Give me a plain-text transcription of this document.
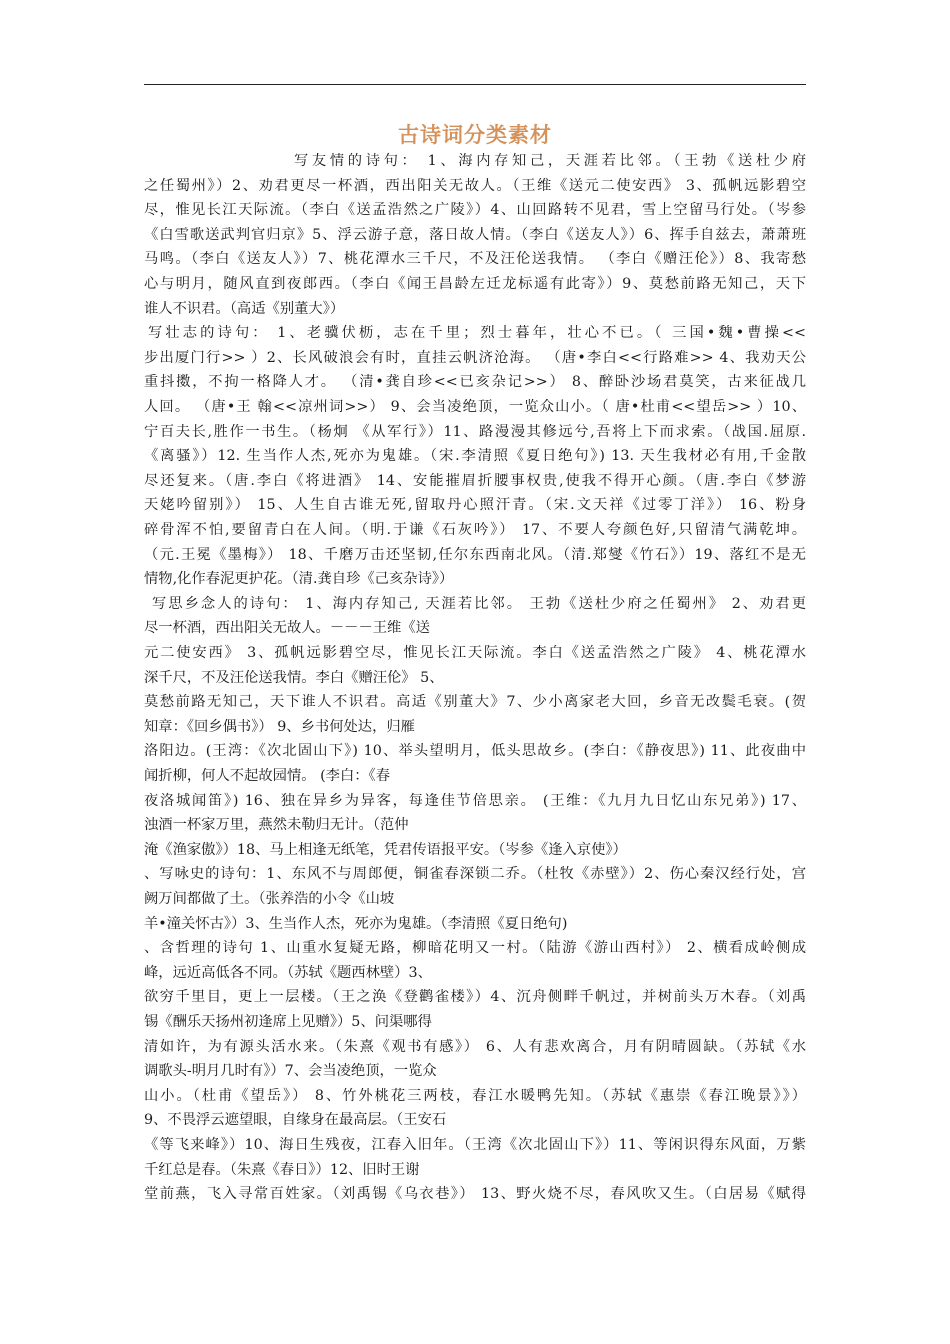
古诗词分类素材
写友情的诗句： 1、海内存知己，天涯若比邻。（王勃《送杜少府
之任蜀州》）2、劝君更尽一杯酒，西出阳关无故人。（王维《送元二使安西》 3、孤帆远影碧空
尽，惟见长江天际流。（李白《送孟浩然之广陵》）4、山回路转不见君，雪上空留马行处。（岑参
《白雪歌送武判官归京》5、浮云游子意，落日故人情。（李白《送友人》）6、挥手自兹去，萧萧班
马鸣。（李白《送友人》）7、桃花潭水三千尺，不及汪伦送我情。 （李白《赠汪伦》）8、我寄愁
心与明月，随风直到夜郎西。（李白《闻王昌龄左迁龙标遥有此寄》）9、莫愁前路无知己，天下
谁人不识君。（高适《别董大》）
写壮志的诗句： 1、老骥伏枥，志在千里；烈士暮年，壮心不已。（ 三国•魏•曹操<<
步出厦门行>> ）2、长风破浪会有时，直挂云帆济沧海。 （唐•李白<<行路难>> 4、我劝天公
重抖擞，不拘一格降人才。 （清•龚自珍<<已亥杂记>>） 8、醉卧沙场君莫笑，古来征战几
人回。 （唐•王 翰<<凉州词>>） 9、会当凌绝顶，一览众山小。（ 唐•杜甫<<望岳>> ）10、
宁百夫长,胜作一书生。（杨炯 《从军行》）11、路漫漫其修远兮,吾将上下而求索。（战国.屈原.
《离骚》）12. 生当作人杰,死亦为鬼雄。（宋.李清照《夏日绝句》) 13. 天生我材必有用,千金散
尽还复来。（唐.李白《将进酒》 14、安能摧眉折腰事权贵,使我不得开心颜。（唐.李白《梦游
天姥吟留别》） 15、人生自古谁无死,留取丹心照汗青。（宋.文天祥《过零丁洋》） 16、粉身
碎骨浑不怕,要留青白在人间。（明.于谦《石灰吟》） 17、不要人夸颜色好,只留清气满乾坤。
（元.王冕《墨梅》） 18、千磨万击还坚韧,任尔东西南北风。（清.郑燮《竹石》）19、落红不是无
情物,化作春泥更护花。（清.龚自珍《己亥杂诗》）
写思乡念人的诗句： 1、海内存知己, 天涯若比邻。 王勃《送杜少府之任蜀州》 2、劝君更
尽一杯酒，西出阳关无故人。－－－王维《送
元二使安西》 3、孤帆远影碧空尽，惟见长江天际流。李白《送孟浩然之广陵》 4、桃花潭水
深千尺，不及汪伦送我情。李白《赠汪伦》 5、
莫愁前路无知己，天下谁人不识君。高适《别董大》7、少小离家老大回，乡音无改鬓毛衰。(贺
知章：《回乡偶书》） 9、乡书何处达，归雁
洛阳边。(王湾：《次北固山下》) 10、举头望明月，低头思故乡。(李白：《静夜思》) 11、此夜曲中
闻折柳，何人不起故园情。 (李白：《春
夜洛城闻笛》) 16、独在异乡为异客，每逢佳节倍思亲。 (王维：《九月九日忆山东兄弟》) 17、
浊酒一杯家万里，燕然未勒归无计。（范仲
淹《渔家傲》）18、马上相逢无纸笔，凭君传语报平安。（岑参《逢入京使》）
、写咏史的诗句：1、东风不与周郎便，铜雀春深锁二乔。（杜牧《赤壁》）2、伤心秦汉经行处，宫
阙万间都做了土。（张养浩的小令《山坡
羊•潼关怀古》）3、生当作人杰，死亦为鬼雄。（李清照《夏日绝句)
、含哲理的诗句 1、山重水复疑无路，柳暗花明又一村。（陆游《游山西村》） 2、横看成岭侧成
峰，远近高低各不同。（苏轼《题西林壁）3、
欲穷千里目，更上一层楼。（王之涣《登鹳雀楼》）4、沉舟侧畔千帆过，并树前头万木春。（刘禹
锡《酬乐天扬州初逢席上见赠》）5、问渠哪得
清如许，为有源头活水来。（朱熹《观书有感》） 6、人有悲欢离合，月有阴晴圆缺。（苏轼《水
调歌头-明月几时有》）7、会当凌绝顶，一览众
山小。（杜甫《望岳》） 8、竹外桃花三两枝，春江水暖鸭先知。（苏轼《惠崇《春江晚景》》）
9、不畏浮云遮望眼，自缘身在最高层。（王安石
《等飞来峰》）10、海日生残夜，江春入旧年。（王湾《次北固山下》）11、等闲识得东风面，万紫
千红总是春。（朱熹《春日》）12、旧时王谢
堂前燕，飞入寻常百姓家。（刘禹锡《乌衣巷》） 13、野火烧不尽，春风吹又生。（白居易《赋得
